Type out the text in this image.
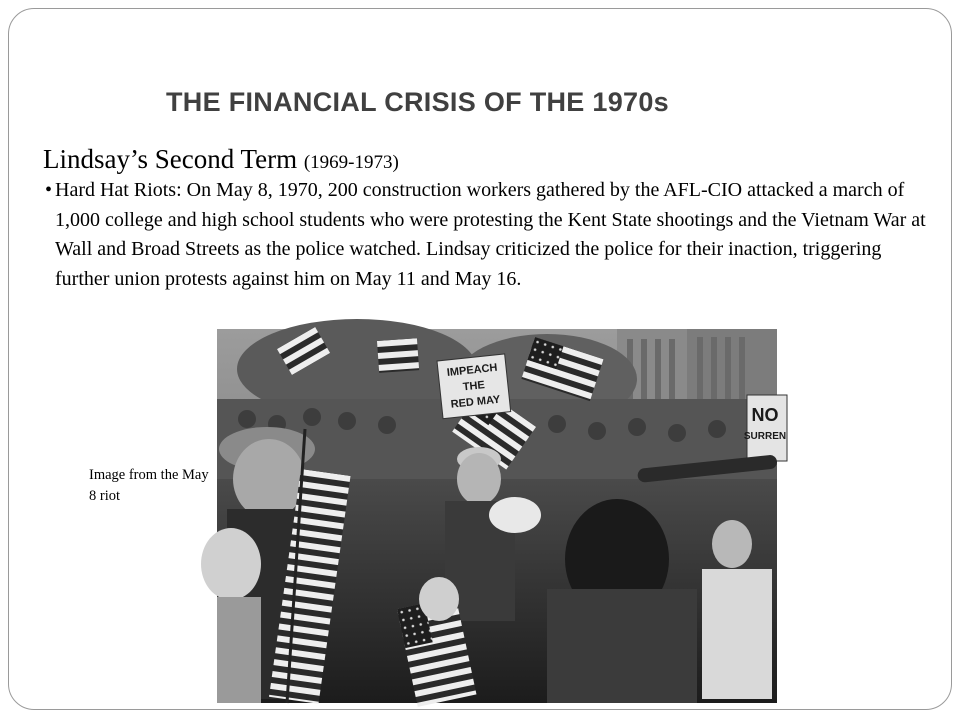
THE FINANCIAL CRISIS OF THE 1970s
Lindsay’s Second Term (1969-1973)
• Hard Hat Riots: On May 8, 1970, 200 construction workers gathered by the AFL-CIO attacked a march of 1,000 college and high school students who were protesting the Kent State shootings and the Vietnam War at Wall and Broad Streets as the police watched. Lindsay criticized the police for their inaction, triggering further union protests against him on May 11 and May 16.
Image from the May 8 riot
IMPEACH
THE
RED MAY
NO
SURREN
